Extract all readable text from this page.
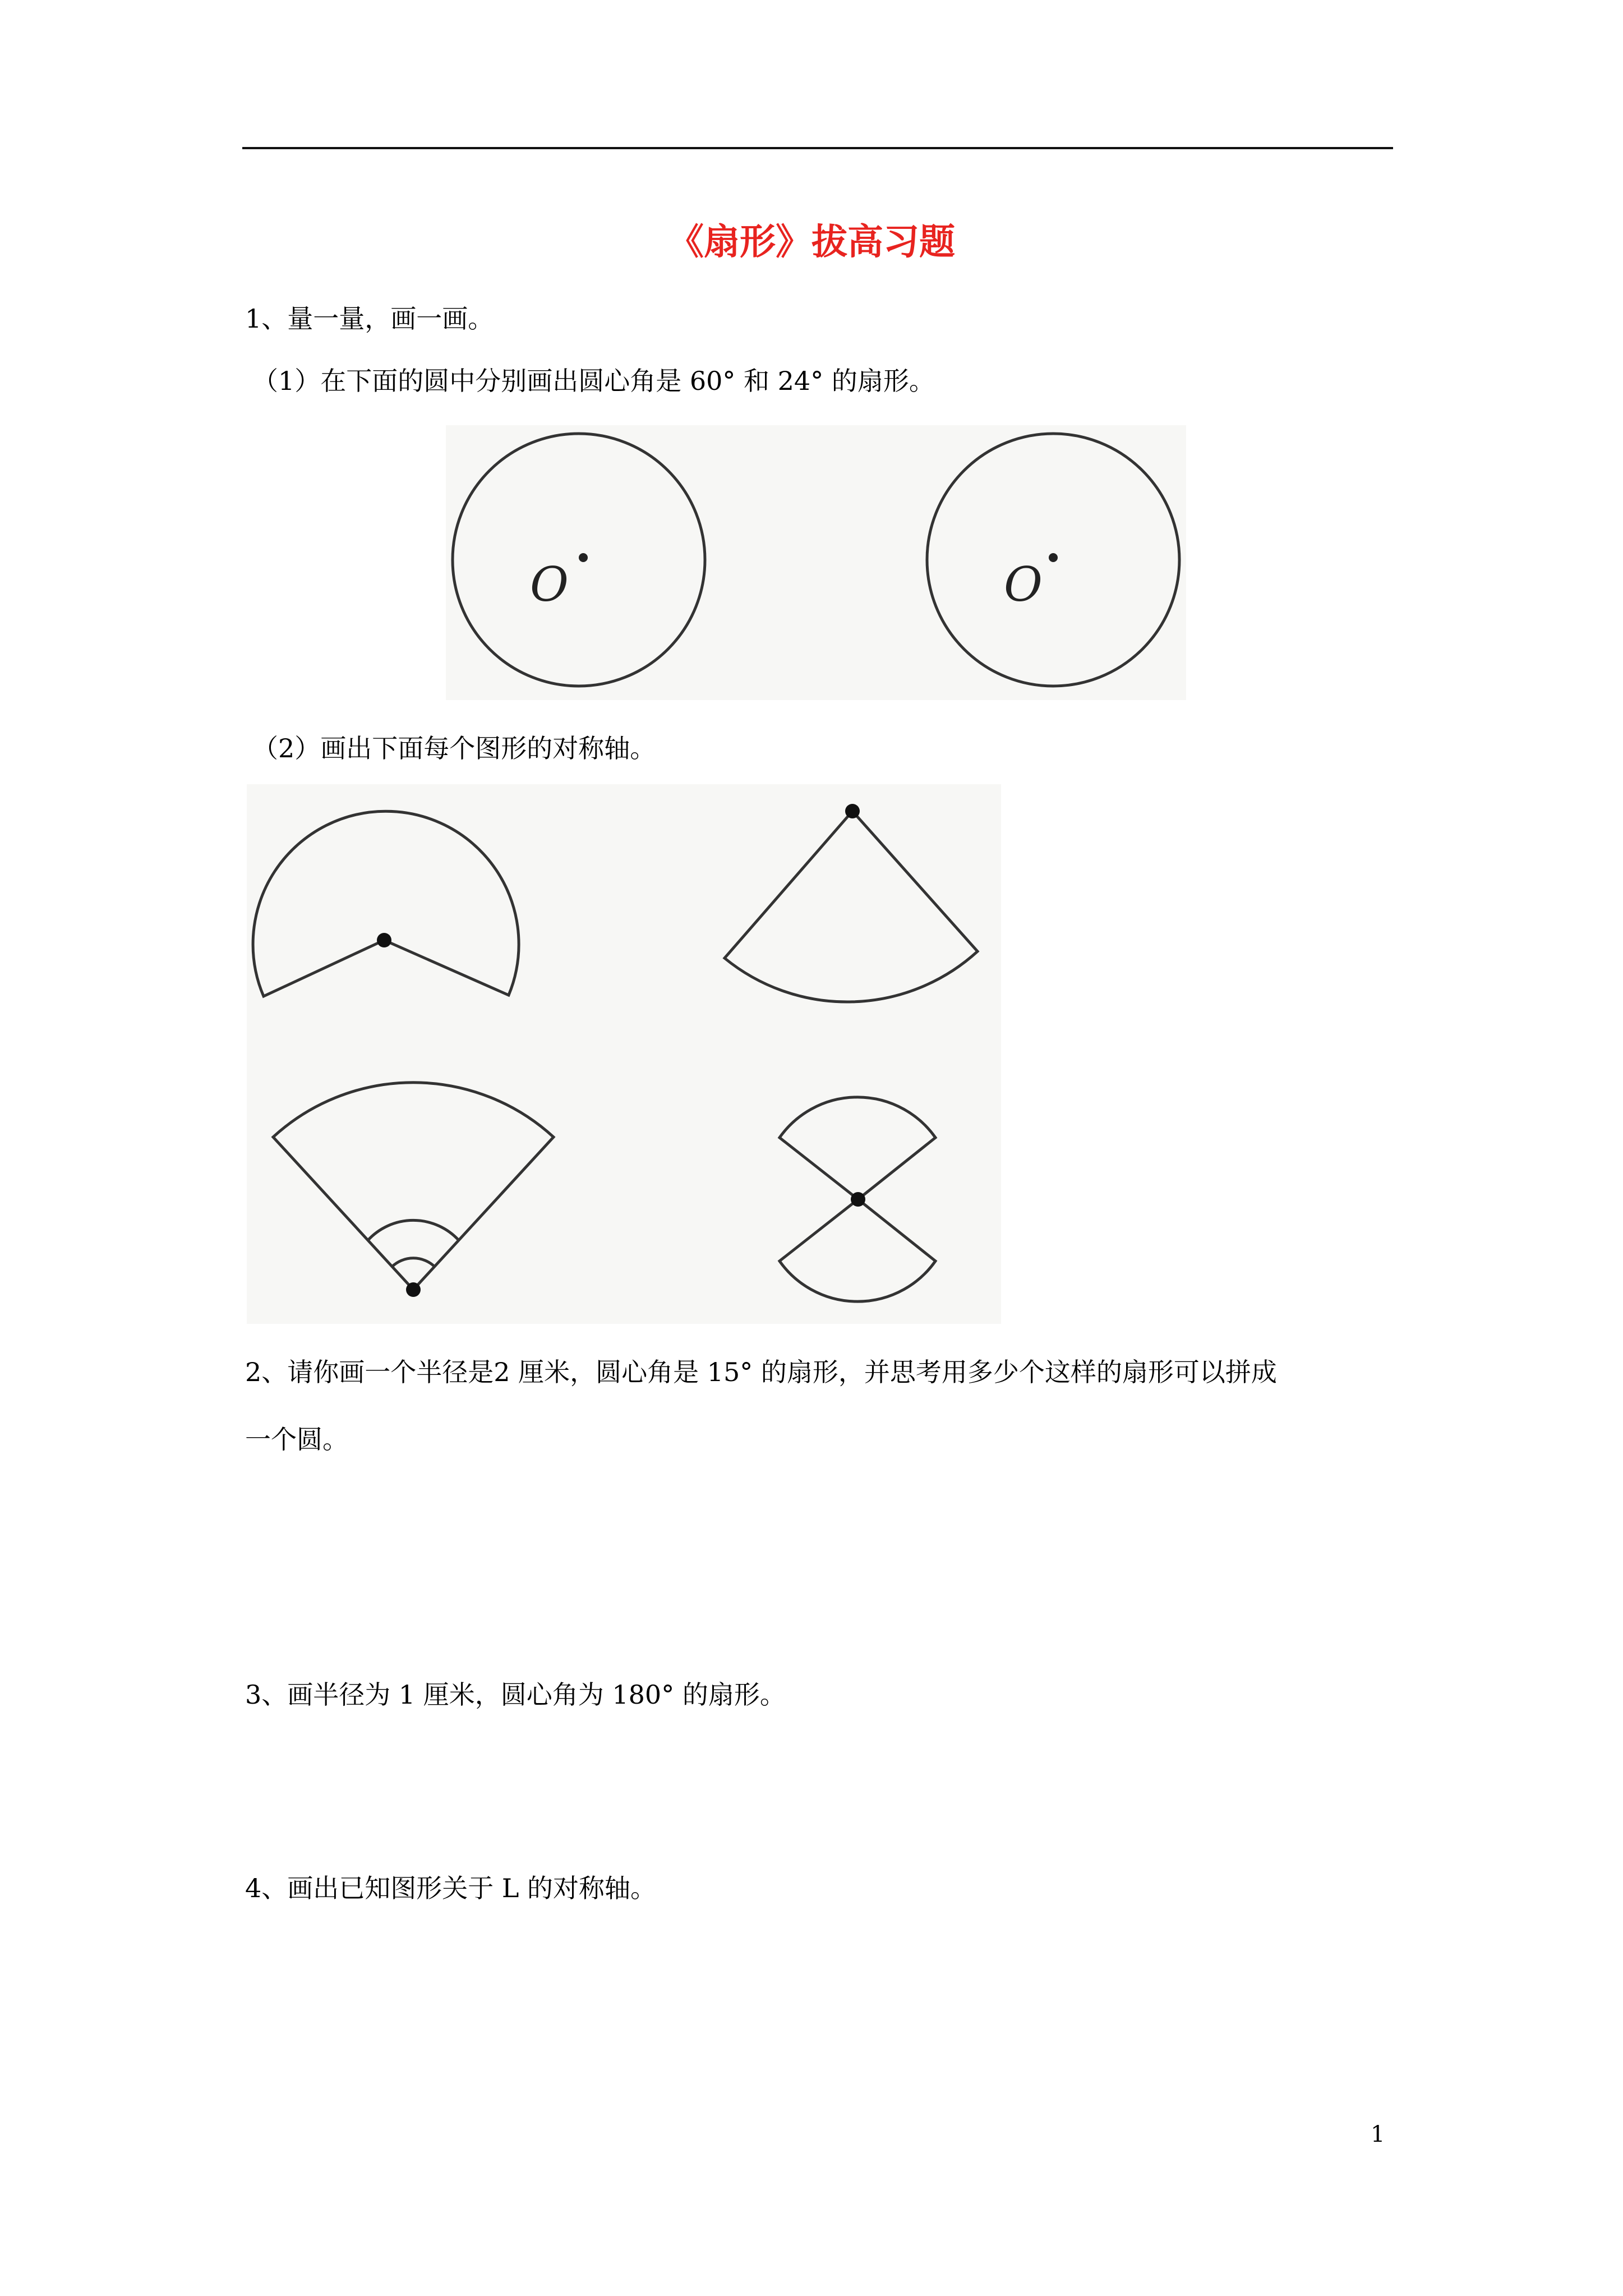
《扇形》拔高习题
1、量一量，画一画。
（1）在下面的圆中分别画出圆心角是 60° 和 24° 的扇形。
O	O
（2）画出下面每个图形的对称轴。
2、请你画一个半径是2 厘米，圆心角是 15° 的扇形，并思考用多少个这样的扇形可以拼成
一个圆。
3、画半径为 1 厘米，圆心角为 180° 的扇形。
4、画出已知图形关于 L 的对称轴。
1
